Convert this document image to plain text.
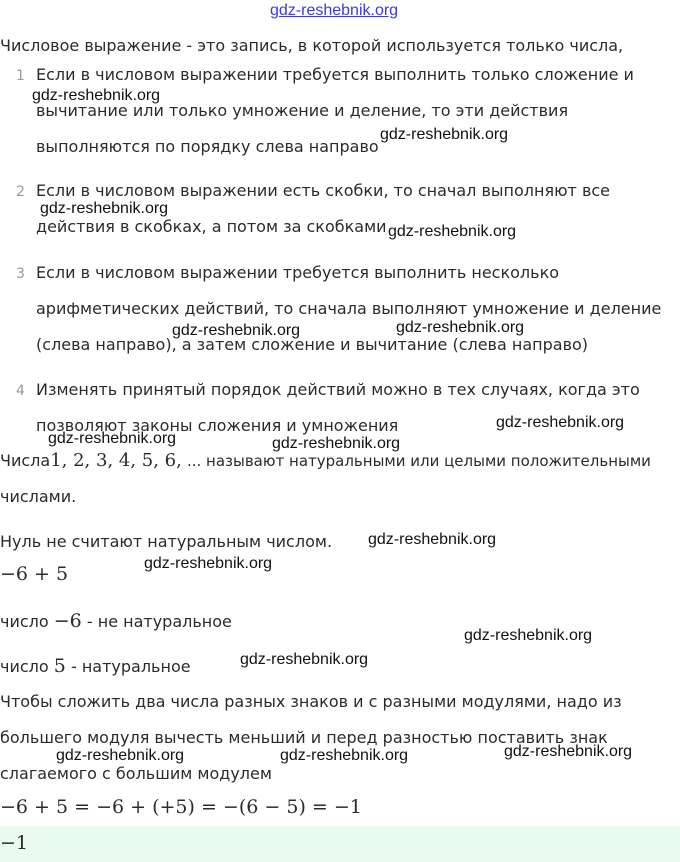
gdz-reshebnik.org
Числовое выражение - это запись, в которой используется только числа,
1 Если в числовом выражении требуется выполнить только сложение и
вычитание или только умножение и деление, то эти действия
выполняются по порядку слева направо
2 Если в числовом выражении есть скобки, то сначал выполняют все
действия в скобках, а потом за скобками
3 Если в числовом выражении требуется выполнить несколько
арифметических действий, то сначала выполняют умножение и деление
(слева направо), а затем сложение и вычитание (слева направо)
4 Изменять принятый порядок действий можно в тех случаях, когда это
позволяют законы сложения и умножения
Числа1, 2, 3, 4, 5, 6, ... называют натуральными или целыми положительными
числами.
Нуль не считают натуральным числом.
−6 + 5
число −6 - не натуральное
число 5 - натуральное
Чтобы сложить два числа разных знаков и с разными модулями, надо из
большего модуля вычесть меньший и перед разностью поставить знак
слагаемого с большим модулем
−6 + 5 = −6 + (+5) = −(6 − 5) = −1
−1
gdz-reshebnik.org
gdz-reshebnik.org
gdz-reshebnik.org
gdz-reshebnik.org
gdz-reshebnik.org	gdz-reshebnik.org
gdz-reshebnik.org
gdz-reshebnik.org	gdz-reshebnik.org
gdz-reshebnik.org
gdz-reshebnik.org
gdz-reshebnik.org
gdz-reshebnik.org
gdz-reshebnik.org	gdz-reshebnik.org	gdz-reshebnik.org
